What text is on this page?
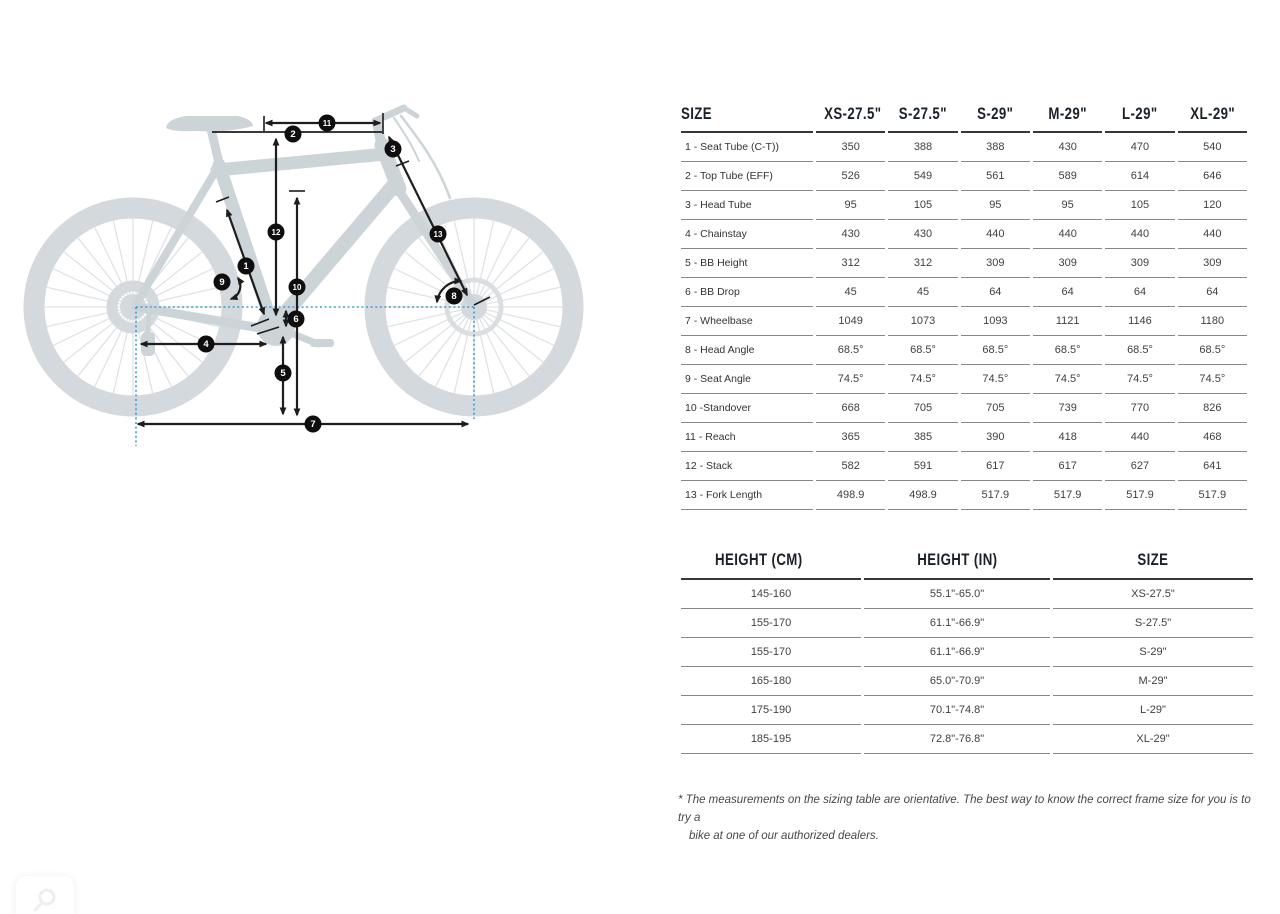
1
2
3
4
5
6
7
8
9	10
11
12	13
SIZE	XS-27.5"	S-27.5"	S-29"	M-29"	L-29"	XL-29"
1 - Seat Tube (C-T))	350	388	388	430	470	540
2 - Top Tube (EFF)	526	549	561	589	614	646
3 - Head Tube	95	105	95	95	105	120
4 - Chainstay	430	430	440	440	440	440
5 - BB Height	312	312	309	309	309	309
6 - BB Drop	45	45	64	64	64	64
7 - Wheelbase	1049	1073	1093	1121	1146	1180
8 - Head Angle	68.5°	68.5°	68.5°	68.5°	68.5°	68.5°
9 - Seat Angle	74.5°	74.5°	74.5°	74.5°	74.5°	74.5°
10 -Standover	668	705	705	739	770	826
11 - Reach	365	385	390	418	440	468
12 - Stack	582	591	617	617	627	641
13 - Fork Length	498.9	498.9	517.9	517.9	517.9	517.9
HEIGHT (CM)	HEIGHT (IN)	SIZE
145-160	55.1"-65.0"	XS-27.5"
155-170	61.1"-66.9"	S-27.5"
155-170	61.1"-66.9"	S-29"
165-180	65.0"-70.9"	M-29"
175-190	70.1"-74.8"	L-29"
185-195	72.8"-76.8"	XL-29"
* The measurements on the sizing table are orientative. The best way to know the correct frame size for you is to try a
bike at one of our authorized dealers.
